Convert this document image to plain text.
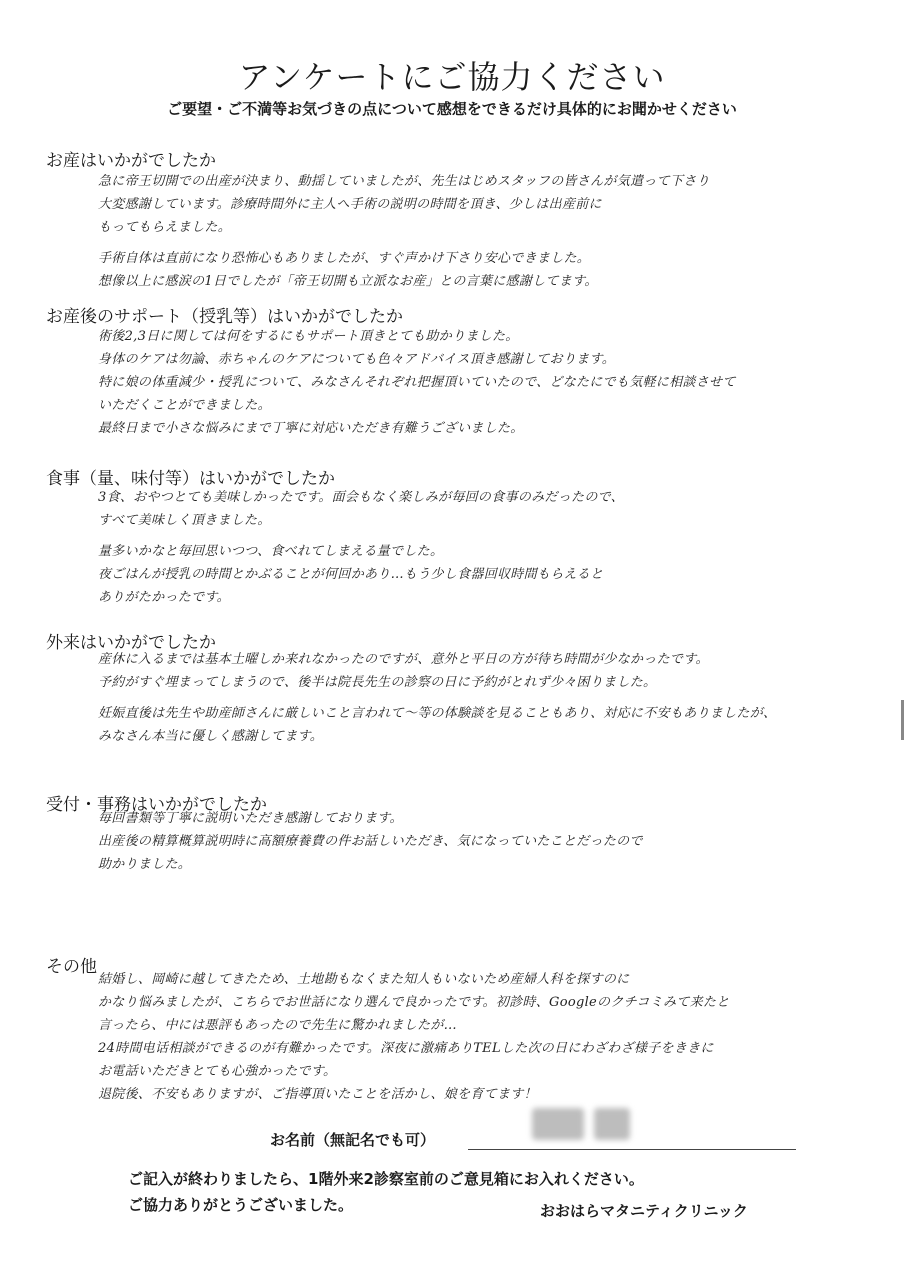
アンケートにご協力ください
ご要望・ご不満等お気づきの点について感想をできるだけ具体的にお聞かせください
お産はいかがでしたか
急に帝王切開での出産が決まり、動揺していましたが、先生はじめスタッフの皆さんが気遣って下さり
大変感謝しています。診療時間外に主人へ手術の説明の時間を頂き、少しは出産前に
もってもらえました。
手術自体は直前になり恐怖心もありましたが、すぐ声かけ下さり安心できました。
想像以上に感涙の1日でしたが「帝王切開も立派なお産」との言葉に感謝してます。
お産後のサポート（授乳等）はいかがでしたか
術後2,3日に関しては何をするにもサポート頂きとても助かりました。
身体のケアは勿論、赤ちゃんのケアについても色々アドバイス頂き感謝しております。
特に娘の体重減少・授乳について、みなさんそれぞれ把握頂いていたので、どなたにでも気軽に相談させて
いただくことができました。
最終日まで小さな悩みにまで丁寧に対応いただき有難うございました。
食事（量、味付等）はいかがでしたか
3食、おやつとても美味しかったです。面会もなく楽しみが毎回の食事のみだったので、
すべて美味しく頂きました。
量多いかなと毎回思いつつ、食べれてしまえる量でした。
夜ごはんが授乳の時間とかぶることが何回かあり…もう少し食器回収時間もらえると
ありがたかったです。
外来はいかがでしたか
産休に入るまでは基本土曜しか来れなかったのですが、意外と平日の方が待ち時間が少なかったです。
予約がすぐ埋まってしまうので、後半は院長先生の診察の日に予約がとれず少々困りました。
妊娠直後は先生や助産師さんに厳しいこと言われて～等の体験談を見ることもあり、対応に不安もありましたが、
みなさん本当に優しく感謝してます。
受付・事務はいかがでしたか
毎回書類等丁寧に説明いただき感謝しております。
出産後の精算概算説明時に高額療養費の件お話しいただき、気になっていたことだったので
助かりました。
その他
結婚し、岡崎に越してきたため、土地勘もなくまた知人もいないため産婦人科を探すのに
かなり悩みましたが、こちらでお世話になり選んで良かったです。初診時、Googleのクチコミみて来たと
言ったら、中には悪評もあったので先生に驚かれましたが…
24時間电话相談ができるのが有難かったです。深夜に激痛ありTELした次の日にわざわざ様子をききに
お電話いただきとても心強かったです。
退院後、不安もありますが、ご指導頂いたことを活かし、娘を育てます！
お名前（無記名でも可）
ご記入が終わりましたら、1階外来2診察室前のご意見箱にお入れください。
ご協力ありがとうございました。	おおはらマタニティクリニック
